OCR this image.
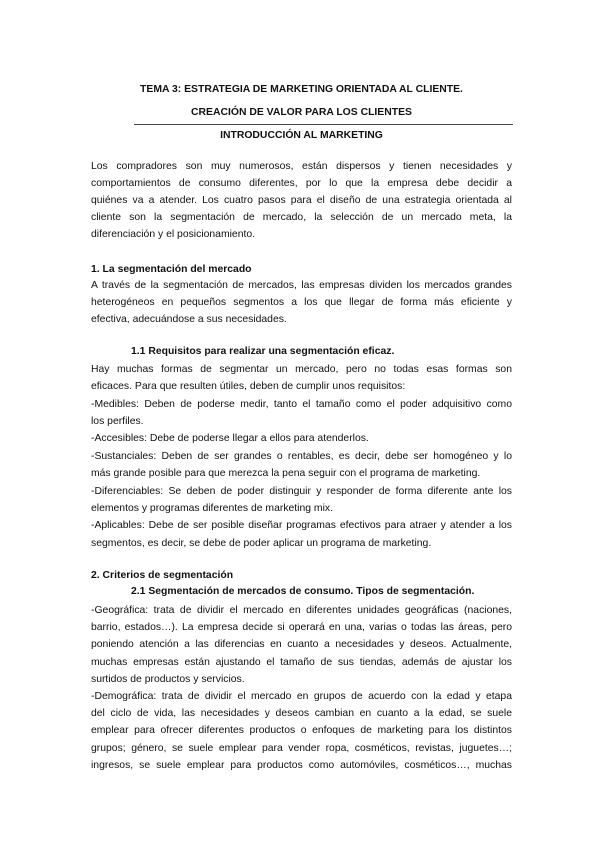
TEMA 3: ESTRATEGIA DE MARKETING ORIENTADA AL CLIENTE.
CREACIÓN DE VALOR PARA LOS CLIENTES
INTRODUCCIÓN AL MARKETING
Los compradores son muy numerosos, están dispersos y tienen necesidades y
comportamientos de consumo diferentes, por lo que la empresa debe decidir a
quiénes va a atender. Los cuatro pasos para el diseño de una estrategia orientada al
cliente son la segmentación de mercado, la selección de un mercado meta, la
diferenciación y el posicionamiento.
1. La segmentación del mercado
A través de la segmentación de mercados, las empresas dividen los mercados grandes
heterogéneos en pequeños segmentos a los que llegar de forma más eficiente y
efectiva, adecuándose a sus necesidades.
1.1 Requisitos para realizar una segmentación eficaz.
Hay muchas formas de segmentar un mercado, pero no todas esas formas son
eficaces. Para que resulten útiles, deben de cumplir unos requisitos:
-Medibles: Deben de poderse medir, tanto el tamaño como el poder adquisitivo como
los perfiles.
-Accesibles: Debe de poderse llegar a ellos para atenderlos.
-Sustanciales: Deben de ser grandes o rentables, es decir, debe ser homogéneo y lo
más grande posible para que merezca la pena seguir con el programa de marketing.
-Diferenciables: Se deben de poder distinguir y responder de forma diferente ante los
elementos y programas diferentes de marketing mix.
-Aplicables: Debe de ser posible diseñar programas efectivos para atraer y atender a los
segmentos, es decir, se debe de poder aplicar un programa de marketing.
2. Criterios de segmentación
2.1 Segmentación de mercados de consumo. Tipos de segmentación.
-Geográfica: trata de dividir el mercado en diferentes unidades geográficas (naciones,
barrio, estados…). La empresa decide si operará en una, varias o todas las áreas, pero
poniendo atención a las diferencias en cuanto a necesidades y deseos. Actualmente,
muchas empresas están ajustando el tamaño de sus tiendas, además de ajustar los
surtidos de productos y servicios.
-Demográfica: trata de dividir el mercado en grupos de acuerdo con la edad y etapa
del ciclo de vida, las necesidades y deseos cambian en cuanto a la edad, se suele
emplear para ofrecer diferentes productos o enfoques de marketing para los distintos
grupos; género, se suele emplear para vender ropa, cosméticos, revistas, juguetes…;
ingresos, se suele emplear para productos como automóviles, cosméticos…, muchas
